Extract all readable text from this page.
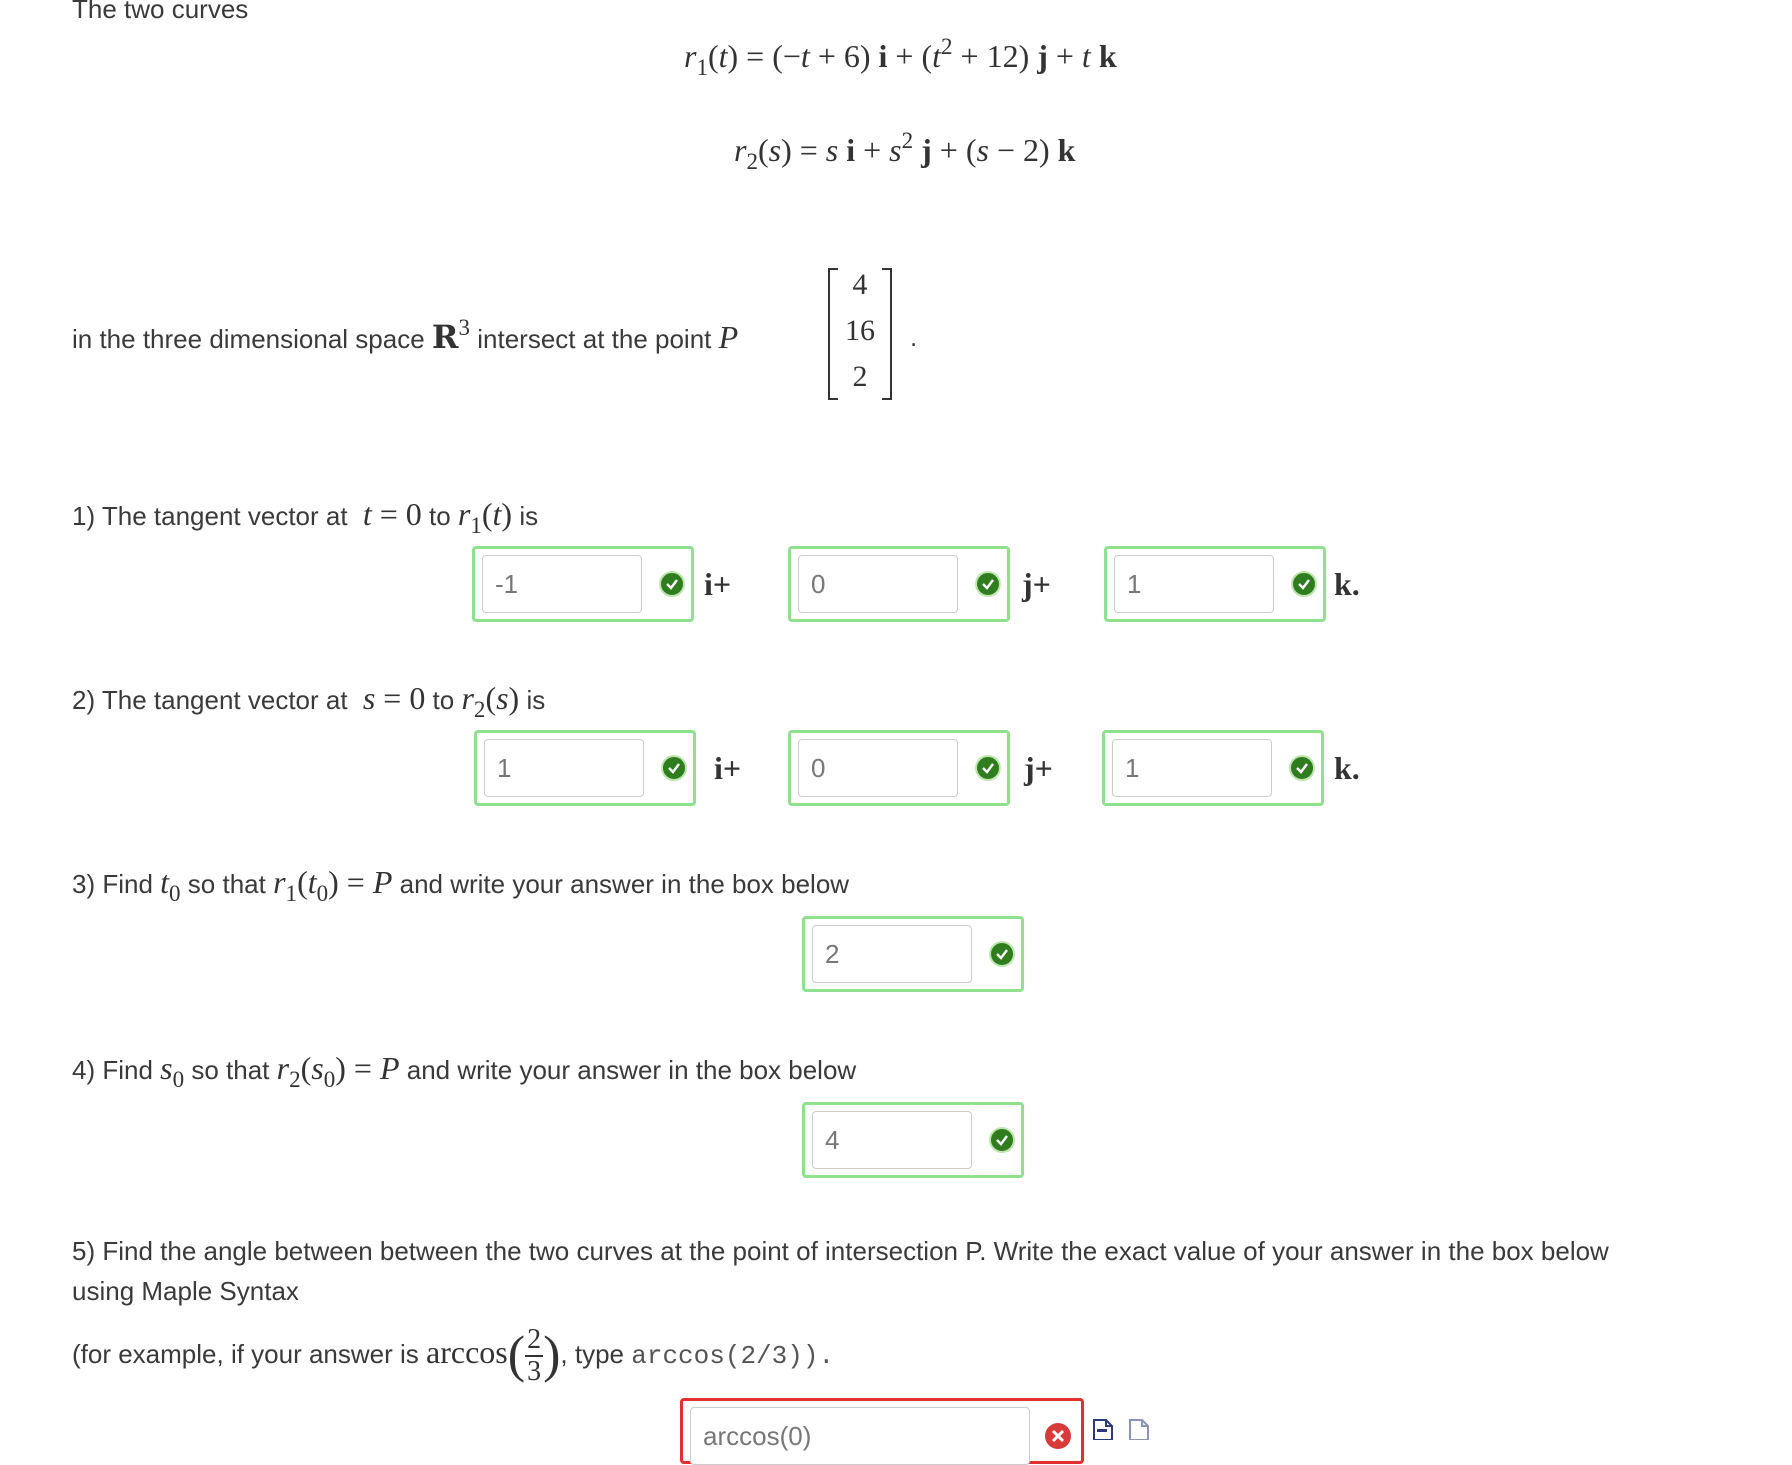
The two curves
$r_1(t) = (-t + 6) i + (t^2 + 12) j + t$ k
$r_2(s) = s$ $i + s^2$ j + (s − 2) k
in the three dimensional space $R^3$ intersect at the point P
4
16
2
.
1) The tangent vector at t = 0 to $r_1(t)$ is
-1
i+
0	j+
1	k.
2) The tangent vector at s = 0 to $r_2(s)$ is
1
i+
0	j+
1	k.
3) Find $t_0$ so that $r_1(t_0) = P$ and write your answer in the box below
2
4) Find $s_0$ so that $r_2(s_0) = P$ and write your answer in the box below
4
5) Find the angle between between the two curves at the point of intersection P. Write the exact value of your answer in the box below
using Maple Syntax
(for example, if your answer is $\arccos( \frac{2}{3}$ ), type arccos(2/3)).
arccos(0)
